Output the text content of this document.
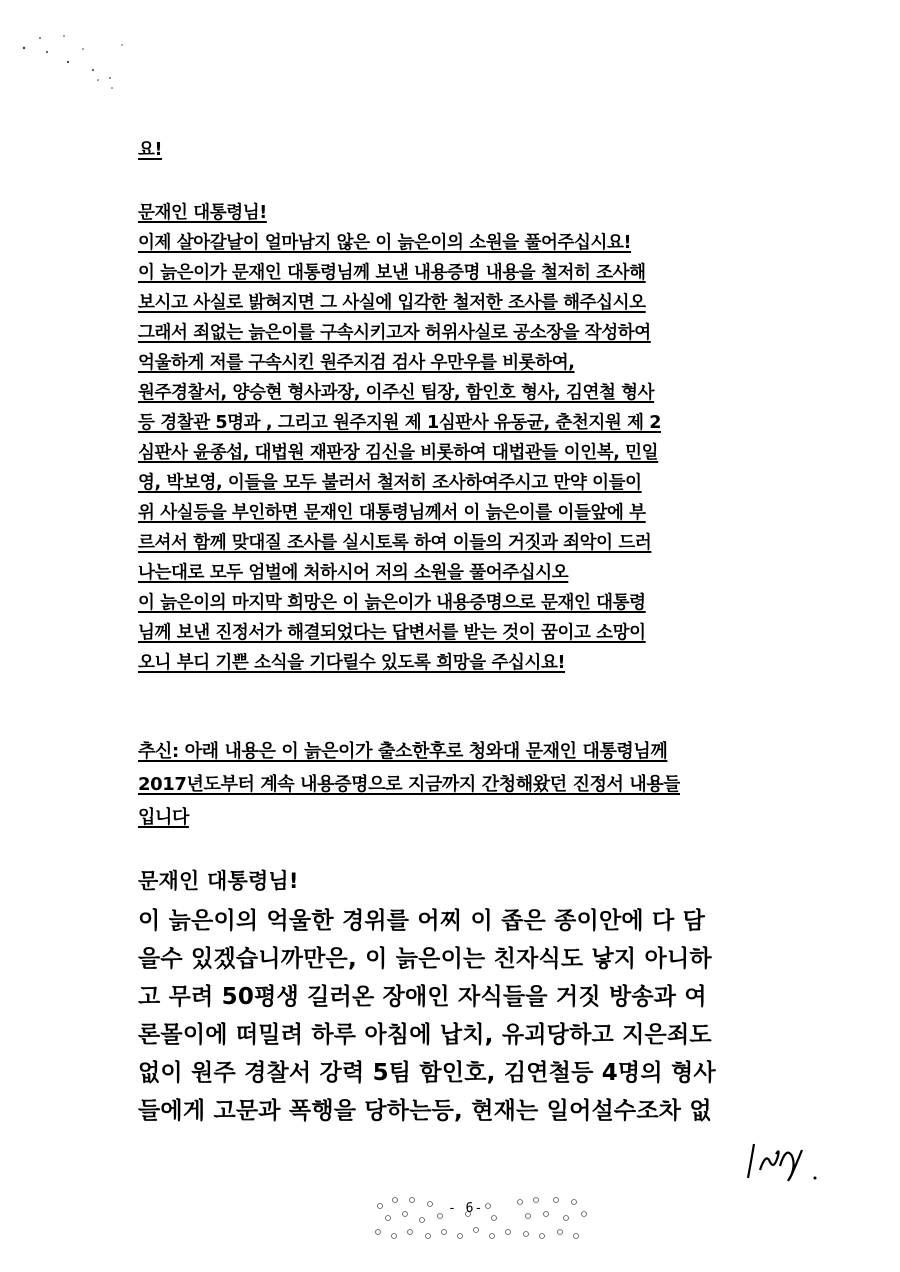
요!
문재인 대통령님!
이제 살아갈날이 얼마남지 않은 이 늙은이의 소원을 풀어주십시요!
이 늙은이가 문재인 대통령님께 보낸 내용증명 내용을 철저히 조사해
보시고 사실로 밝혀지면 그 사실에 입각한 철저한 조사를 해주십시오
그래서 죄없는 늙은이를 구속시키고자 허위사실로 공소장을 작성하여
억울하게 저를 구속시킨 원주지검 검사 우만우를 비롯하여,
원주경찰서, 양승현 형사과장, 이주신 팀장, 함인호 형사, 김연철 형사
등 경찰관 5명과 , 그리고 원주지원 제 1심판사 유동균, 춘천지원 제 2
심판사 윤종섭, 대법원 재판장 김신을 비롯하여 대법관들 이인복, 민일
영, 박보영, 이들을 모두 불러서 철저히 조사하여주시고 만약 이들이
위 사실등을 부인하면 문재인 대통령님께서 이 늙은이를 이들앞에 부
르셔서 함께 맞대질 조사를 실시토록 하여 이들의 거짓과 죄악이 드러
나는대로 모두 엄벌에 처하시어 저의 소원을 풀어주십시오
이 늙은이의 마지막 희망은 이 늙은이가 내용증명으로 문재인 대통령
님께 보낸 진정서가 해결되었다는 답변서를 받는 것이 꿈이고 소망이
오니 부디 기쁜 소식을 기다릴수 있도록 희망을 주십시요!
추신: 아래 내용은 이 늙은이가 출소한후로 청와대 문재인 대통령님께
2017년도부터 계속 내용증명으로 지금까지 간청해왔던 진정서 내용들
입니다
문재인 대통령님!
이 늙은이의 억울한 경위를 어찌 이 좁은 종이안에 다 담
을수 있겠습니까만은, 이 늙은이는 친자식도 낳지 아니하
고 무려 50평생 길러온 장애인 자식들을 거짓 방송과 여
론몰이에 떠밀려 하루 아침에 납치, 유괴당하고 지은죄도
없이 원주 경찰서 강력 5팀 함인호, 김연철등 4명의 형사
들에게 고문과 폭행을 당하는등, 현재는 일어설수조차 없
- 6-
